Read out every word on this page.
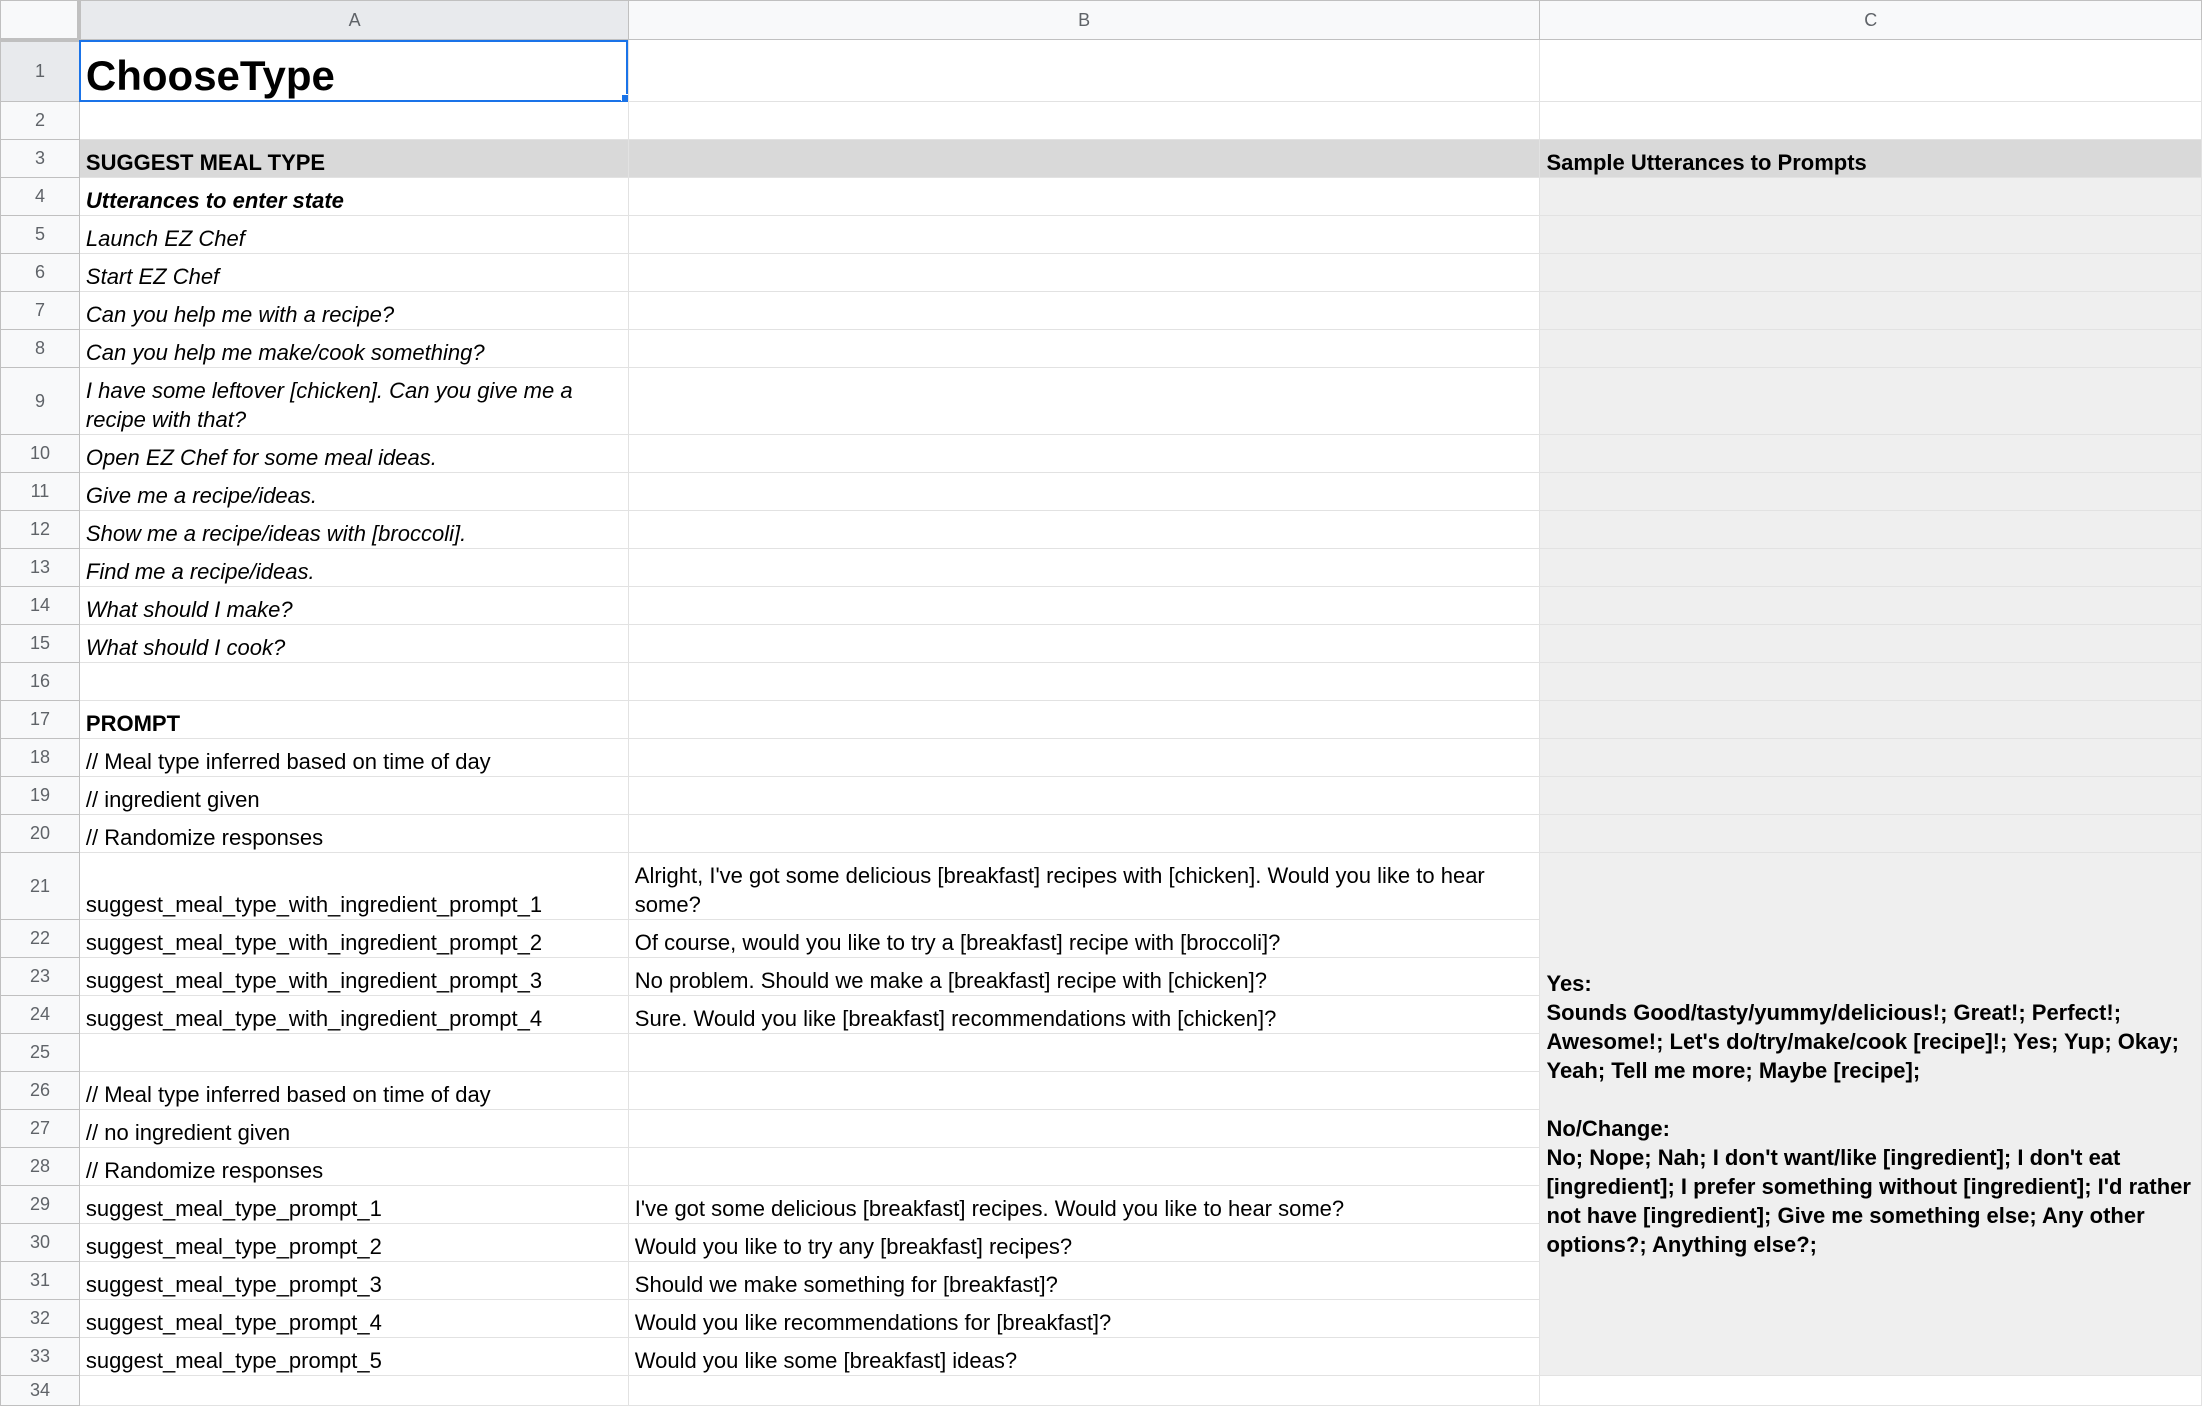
	A	B	C
1	ChooseType

2			
3	SUGGEST MEAL TYPE		Sample Utterances to Prompts
4	Utterances to enter state		
5	Launch EZ Chef		
6	Start EZ Chef		
7	Can you help me with a recipe?		
8	Can you help me make/cook something?		
9	I have some leftover [chicken]. Can you give me a recipe with that?		
10	Open EZ Chef for some meal ideas.		
11	Give me a recipe/ideas.		
12	Show me a recipe/ideas with [broccoli].		
13	Find me a recipe/ideas.		
14	What should I make?		
15	What should I cook?		
16			
17	PROMPT		
18	// Meal type inferred based on time of day		
19	// ingredient given		
20	// Randomize responses		
21	suggest_meal_type_with_ingredient_prompt_1	Alright, I've got some delicious [breakfast] recipes with [chicken]. Would you like to hear some?	Yes:
Sounds Good/tasty/yummy/delicious!; Great!; Perfect!; Awesome!; Let's do/try/make/cook [recipe]!; Yes; Yup; Okay; Yeah; Tell me more; Maybe [recipe];

No/Change:
No; Nope; Nah; I don't want/like [ingredient]; I don't eat [ingredient]; I prefer something without [ingredient]; I'd rather not have [ingredient]; Give me something else; Any other options?; Anything else?;
22	suggest_meal_type_with_ingredient_prompt_2	Of course, would you like to try a [breakfast] recipe with [broccoli]?	
23	suggest_meal_type_with_ingredient_prompt_3	No problem. Should we make a [breakfast] recipe with [chicken]?	
24	suggest_meal_type_with_ingredient_prompt_4	Sure. Would you like [breakfast] recommendations with [chicken]?	
25			
26	// Meal type inferred based on time of day		
27	// no ingredient given		
28	// Randomize responses		
29	suggest_meal_type_prompt_1	I've got some delicious [breakfast] recipes. Would you like to hear some?	
30	suggest_meal_type_prompt_2	Would you like to try any [breakfast] recipes?	
31	suggest_meal_type_prompt_3	Should we make something for [breakfast]?	
32	suggest_meal_type_prompt_4	Would you like recommendations for [breakfast]?	
33	suggest_meal_type_prompt_5	Would you like some [breakfast] ideas?	
34			
